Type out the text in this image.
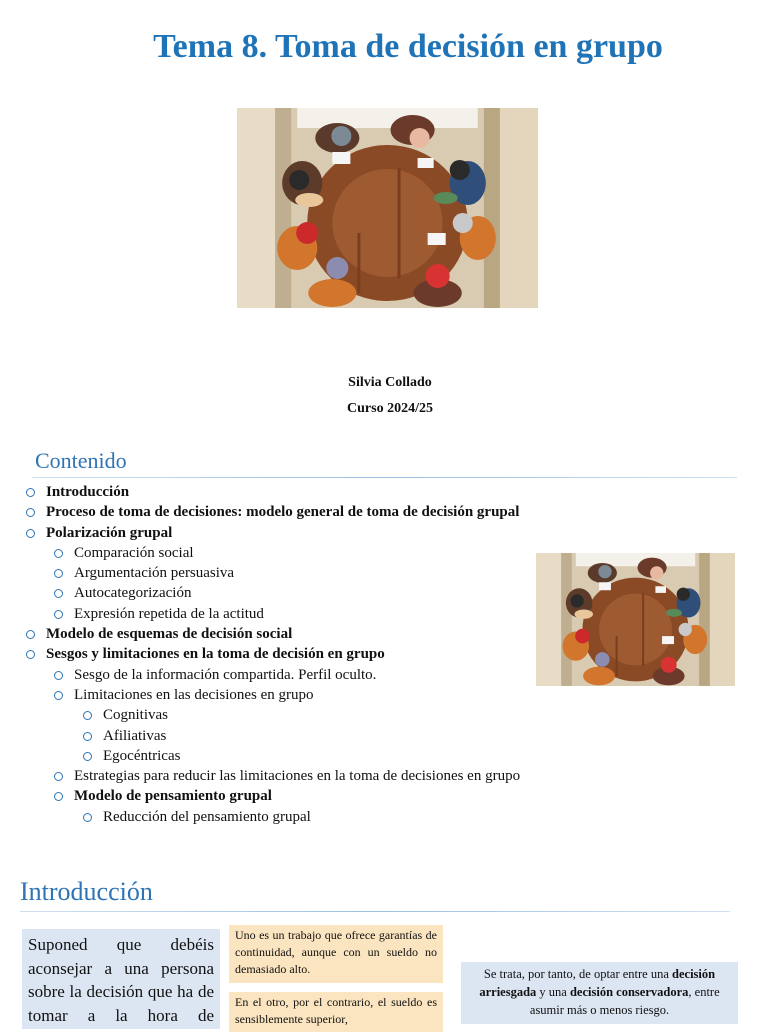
Tema 8. Toma de decisión en grupo
Silvia Collado
Curso 2024/25
Contenido
Introducción
Proceso de toma de decisiones: modelo general de toma de decisión grupal
Polarización grupal
Comparación social
Argumentación persuasiva
Autocategorización
Expresión repetida de la actitud
Modelo de esquemas de decisión social
Sesgos y limitaciones en la toma de decisión en grupo
Sesgo de la información compartida. Perfil oculto.
Limitaciones en las decisiones en grupo
Cognitivas
Afiliativas
Egocéntricas
Estrategias para reducir las limitaciones en la toma de decisiones en grupo
Modelo de pensamiento grupal
Reducción del pensamiento grupal
Introducción
Suponed que debéis aconsejar a una persona sobre la decisión que ha de tomar a la hora de
Uno es un trabajo que ofrece garantías de continuidad, aunque con un sueldo no demasiado alto.
En el otro, por el contrario, el sueldo es sensiblemente superior,
Se trata, por tanto, de optar entre una decisión arriesgada y una decisión conservadora, entre asumir más o menos riesgo.
